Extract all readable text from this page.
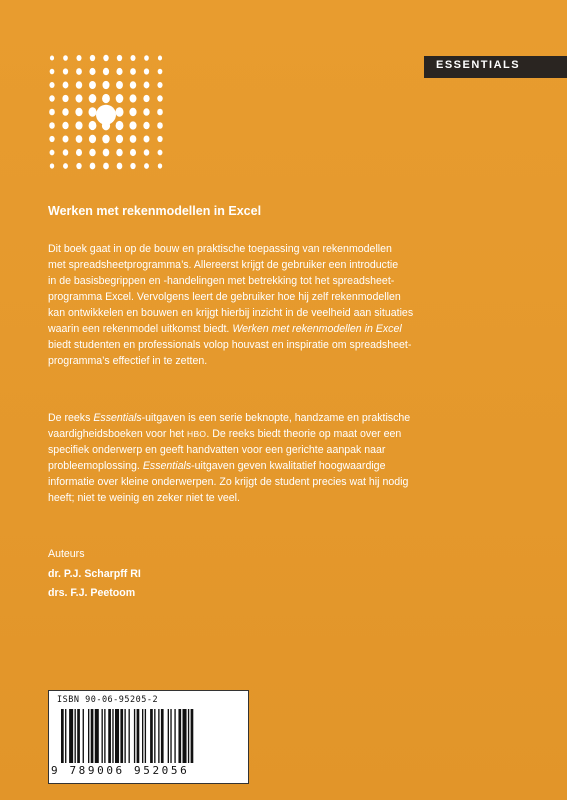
ESSENTIALS
Werken met rekenmodellen in Excel

Dit boek gaat in op de bouw en praktische toepassing van rekenmodellen
met spreadsheetprogramma’s. Allereerst krijgt de gebruiker een introductie
in de basisbegrippen en -handelingen met betrekking tot het spreadsheet-
programma Excel. Vervolgens leert de gebruiker hoe hij zelf rekenmodellen
kan ontwikkelen en bouwen en krijgt hierbij inzicht in de veelheid aan situaties
waarin een rekenmodel uitkomst biedt. Werken met rekenmodellen in Excel
biedt studenten en professionals volop houvast en inspiratie om spreadsheet-
programma’s effectief in te zetten.

De reeks Essentials-uitgaven is een serie beknopte, handzame en praktische
vaardigheidsboeken voor het HBO. De reeks biedt theorie op maat over een
specifiek onderwerp en geeft handvatten voor een gerichte aanpak naar
probleemoplossing. Essentials-uitgaven geven kwalitatief hoogwaardige
informatie over kleine onderwerpen. Zo krijgt de student precies wat hij nodig
heeft; niet te weinig en zeker niet te veel.

Auteurs
dr. P.J. Scharpff RI
drs. F.J. Peetoom
ISBN 90-06-95205-2
9 789006 952056
